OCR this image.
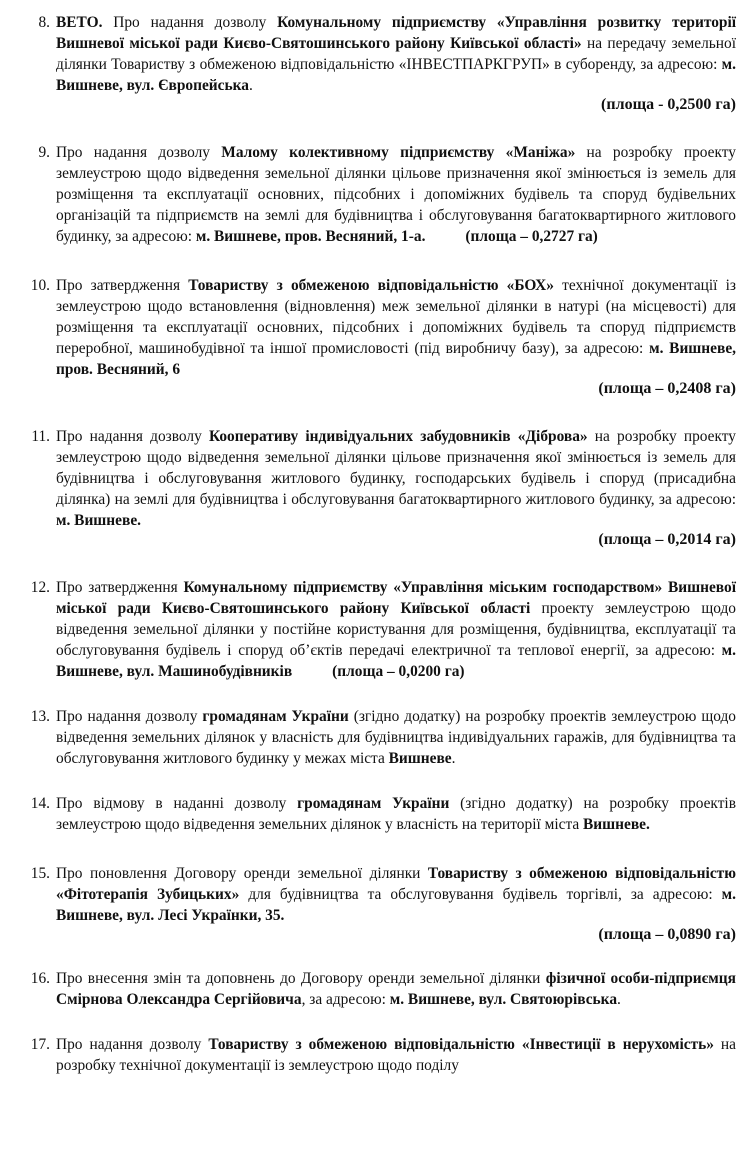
8. ВЕТО. Про надання дозволу Комунальному підприємству «Управління розвитку території Вишневої міської ради Києво-Святошинського району Київської області» на передачу земельної ділянки Товариству з обмеженою відповідальністю «ІНВЕСТПАРКГРУП» в суборенду, за адресою: м. Вишневе, вул. Європейська.
(площа - 0,2500 га)
9. Про надання дозволу Малому колективному підприємству «Маніжа» на розробку проекту землеустрою щодо відведення земельної ділянки цільове призначення якої змінюється із земель для розміщення та експлуатації основних, підсобних і допоміжних будівель та споруд будівельних організацій та підприємств на землі для будівництва і обслуговування багатоквартирного житлового будинку, за адресою: м. Вишневе, пров. Весняний, 1-а.	(площа – 0,2727 га)
10. Про затвердження Товариству з обмеженою відповідальністю «БОХ» технічної документації із землеустрою щодо встановлення (відновлення) меж земельної ділянки в натурі (на місцевості) для розміщення та експлуатації основних, підсобних і допоміжних будівель та споруд підприємств переробної, машинобудівної та іншої промисловості (під виробничу базу), за адресою: м. Вишневе, пров. Весняний, 6
(площа – 0,2408 га)
11. Про надання дозволу Кооперативу індивідуальних забудовників «Діброва» на розробку проекту землеустрою щодо відведення земельної ділянки цільове призначення якої змінюється із земель для будівництва і обслуговування житлового будинку, господарських будівель і споруд (присадибна ділянка) на землі для будівництва і обслуговування багатоквартирного житлового будинку, за адресою: м. Вишневе.
(площа – 0,2014 га)
12. Про затвердження Комунальному підприємству «Управління міським господарством» Вишневої міської ради Києво-Святошинського району Київської області проекту землеустрою щодо відведення земельної ділянки у постійне користування для розміщення, будівництва, експлуатації та обслуговування будівель і споруд об’єктів передачі електричної та теплової енергії, за адресою: м. Вишневе, вул. Машинобудівників	(площа – 0,0200 га)
13. Про надання дозволу громадянам України (згідно додатку) на розробку проектів землеустрою щодо відведення земельних ділянок у власність для будівництва індивідуальних гаражів, для будівництва та обслуговування житлового будинку у межах міста Вишневе.
14. Про відмову в наданні дозволу громадянам України (згідно додатку) на розробку проектів землеустрою щодо відведення земельних ділянок у власність на території міста Вишневе.
15. Про поновлення Договору оренди земельної ділянки Товариству з обмеженою відповідальністю «Фітотерапія Зубицьких» для будівництва та обслуговування будівель торгівлі, за адресою: м. Вишневе, вул. Лесі Українки, 35.
(площа – 0,0890 га)
16. Про внесення змін та доповнень до Договору оренди земельної ділянки фізичної особи-підприємця Смірнова Олександра Сергійовича, за адресою: м. Вишневе, вул. Святоюрівська.
17. Про надання дозволу Товариству з обмеженою відповідальністю «Інвестиції в нерухомість» на розробку технічної документації із землеустрою щодо поділу
